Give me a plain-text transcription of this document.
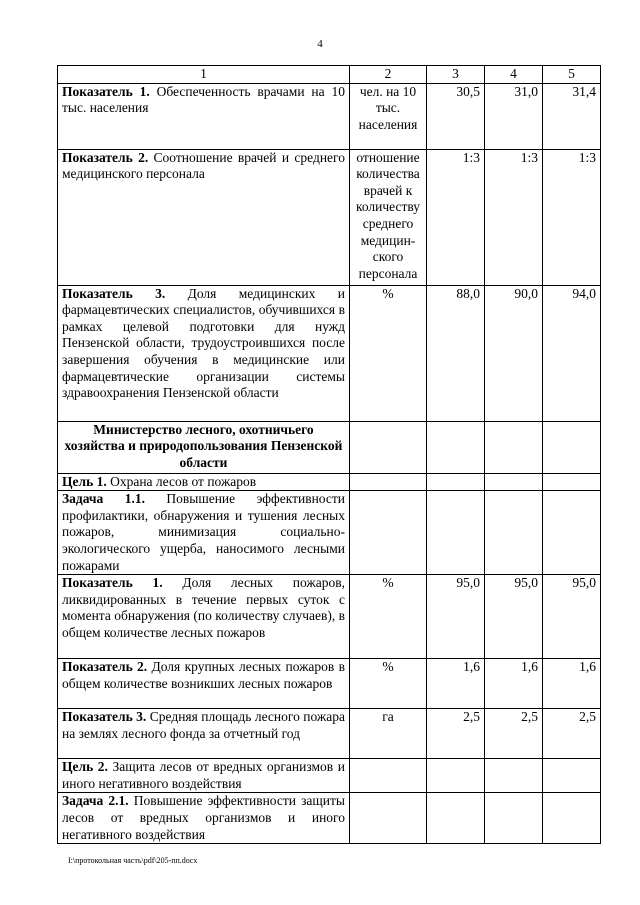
4
1	2	3	4	5
Показатель 1. Обеспеченность врачами на 10 тыс. населения	чел. на 10 тыс. населения	30,5	31,0	31,4
Показатель 2. Соотношение врачей и среднего медицинского персонала	отношение количества врачей к количеству среднего медицин-ского персонала	1:3	1:3	1:3
Показатель 3. Доля медицинских и фармацевтических специалистов, обучившихся в рамках целевой подготовки для нужд Пензенской области, трудоустроившихся после завершения обучения в медицинские или фармацевтические организации системы здравоохранения Пензенской области	%	88,0	90,0	94,0
Министерство лесного, охотничьего хозяйства и природопользования Пензенской области				
Цель 1. Охрана лесов от пожаров				
Задача 1.1. Повышение эффективности профилактики, обнаружения и тушения лесных пожаров, минимизация социально-экологического ущерба, наносимого лесными пожарами				
Показатель 1. Доля лесных пожаров, ликвидированных в течение первых суток с момента обнаружения (по количеству случаев), в общем количестве лесных пожаров	%	95,0	95,0	95,0
Показатель 2. Доля крупных лесных пожаров в общем количестве возникших лесных пожаров	%	1,6	1,6	1,6
Показатель 3. Средняя площадь лесного пожара на землях лесного фонда за отчетный год	га	2,5	2,5	2,5
Цель 2. Защита лесов от вредных организмов и иного негативного воздействия				
Задача 2.1. Повышение эффективности защиты лесов от вредных организмов и иного негативного воздействия				
I:\протокольная часть\pdf\205-пп.docx
